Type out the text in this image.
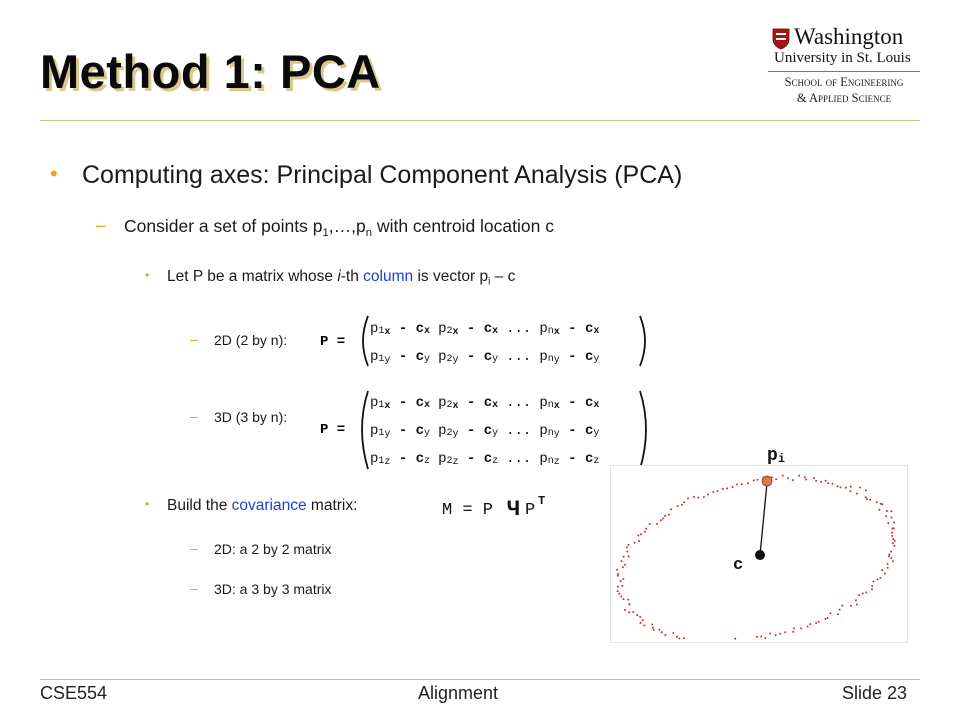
Method 1: PCA
Washington
University in St. Louis
School of Engineering
& Applied Science
• Computing axes: Principal Component Analysis (PCA)
– Consider a set of points $p_1,\dots,p_n$ with centroid location c
• Let P be a matrix whose i-th column is vector $p_i$ – c
– 2D (2 by n): P =
p1x - cx p2x - cx ... pnx - cx
p1y - cy p2y - cy ... pny - cy
– 3D (3 by n):
P =
p1x - cx p2x - cx ... pnx - cx
p1y - cy p2y - cy ... pny - cy
p1z - cz p2z - cz ... pnz - cz
• Build the covariance matrix:	M = P Ч P T
– 2D: a 2 by 2 matrix
– 3D: a 3 by 3 matrix
c
pi
CSE554	Alignment	Slide 23
